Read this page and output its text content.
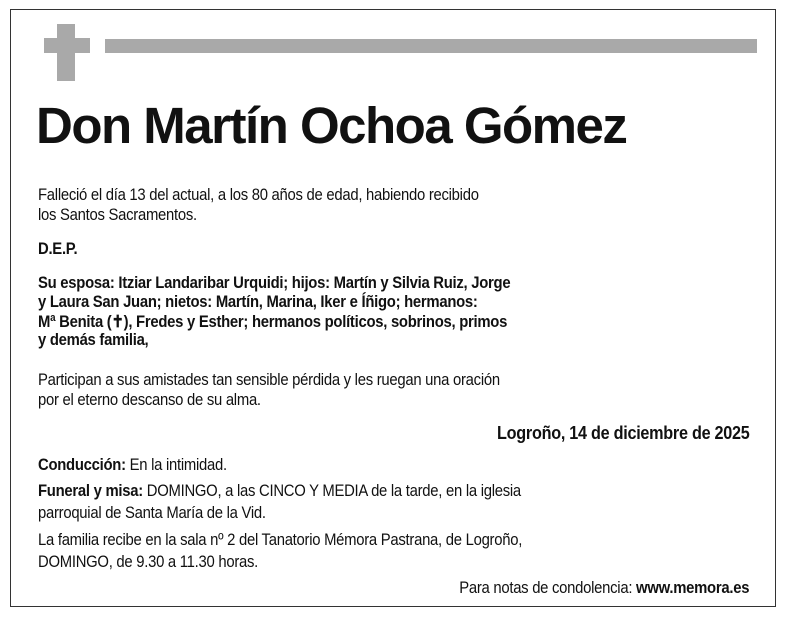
Don Martín Ochoa Gómez
Falleció el día 13 del actual, a los 80 años de edad, habiendo recibido
los Santos Sacramentos.
D.E.P.
Su esposa: Itziar Landaribar Urquidi; hijos: Martín y Silvia Ruiz, Jorge
y Laura San Juan; nietos: Martín, Marina, Iker e Íñigo; hermanos:
Mª Benita (✝), Fredes y Esther; hermanos políticos, sobrinos, primos
y demás familia,
Participan a sus amistades tan sensible pérdida y les ruegan una oración
por el eterno descanso de su alma.
Logroño, 14 de diciembre de 2025
Conducción: En la intimidad.
Funeral y misa: DOMINGO, a las CINCO Y MEDIA de la tarde, en la iglesia
parroquial de Santa María de la Vid.
La familia recibe en la sala nº 2 del Tanatorio Mémora Pastrana, de Logroño,
DOMINGO, de 9.30 a 11.30 horas.
Para notas de condolencia: www.memora.es
